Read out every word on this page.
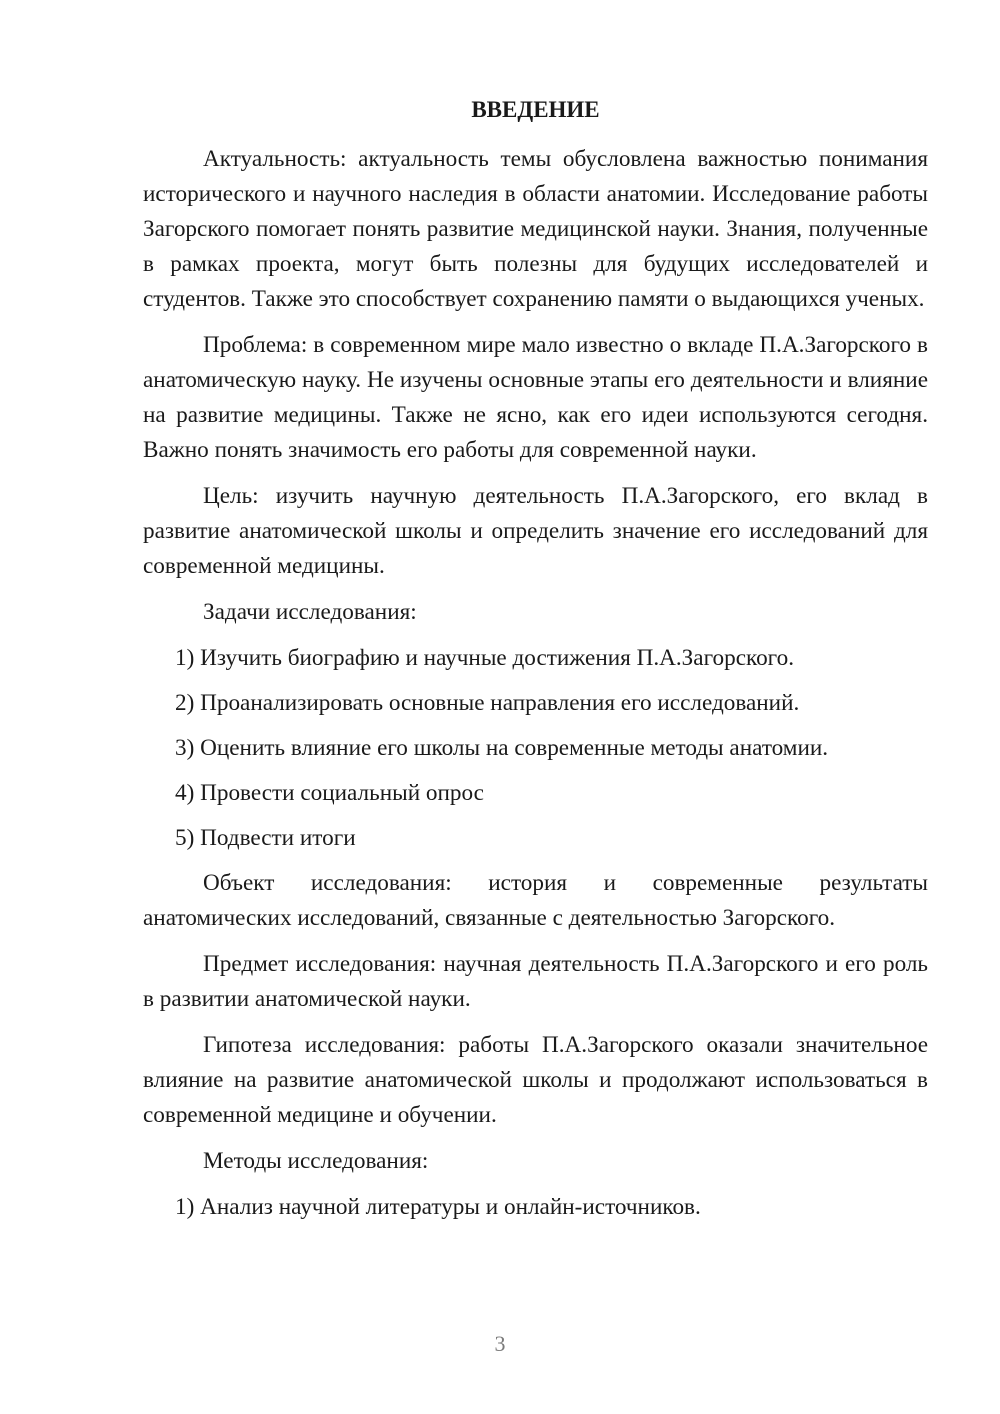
ВВЕДЕНИЕ
Актуальность: актуальность темы обусловлена важностью понимания исторического и научного наследия в области анатомии. Исследование работы Загорского помогает понять развитие медицинской науки. Знания, полученные в рамках проекта, могут быть полезны для будущих исследователей и студентов. Также это способствует сохранению памяти о выдающихся ученых.
Проблема: в современном мире мало известно о вкладе П.А.Загорского в анатомическую науку. Не изучены основные этапы его деятельности и влияние на развитие медицины. Также не ясно, как его идеи используются сегодня. Важно понять значимость его работы для современной науки.
Цель: изучить научную деятельность П.А.Загорского, его вклад в развитие анатомической школы и определить значение его исследований для современной медицины.
Задачи исследования:
1) Изучить биографию и научные достижения П.А.Загорского.
2) Проанализировать основные направления его исследований.
3) Оценить влияние его школы на современные методы анатомии.
4) Провести социальный опрос
5) Подвести итоги
Объект исследования: история и современные результаты анатомических исследований, связанные с деятельностью Загорского.
Предмет исследования: научная деятельность П.А.Загорского и его роль в развитии анатомической науки.
Гипотеза исследования: работы П.А.Загорского оказали значительное влияние на развитие анатомической школы и продолжают использоваться в современной медицине и обучении.
Методы исследования:
1) Анализ научной литературы и онлайн-источников.
3
